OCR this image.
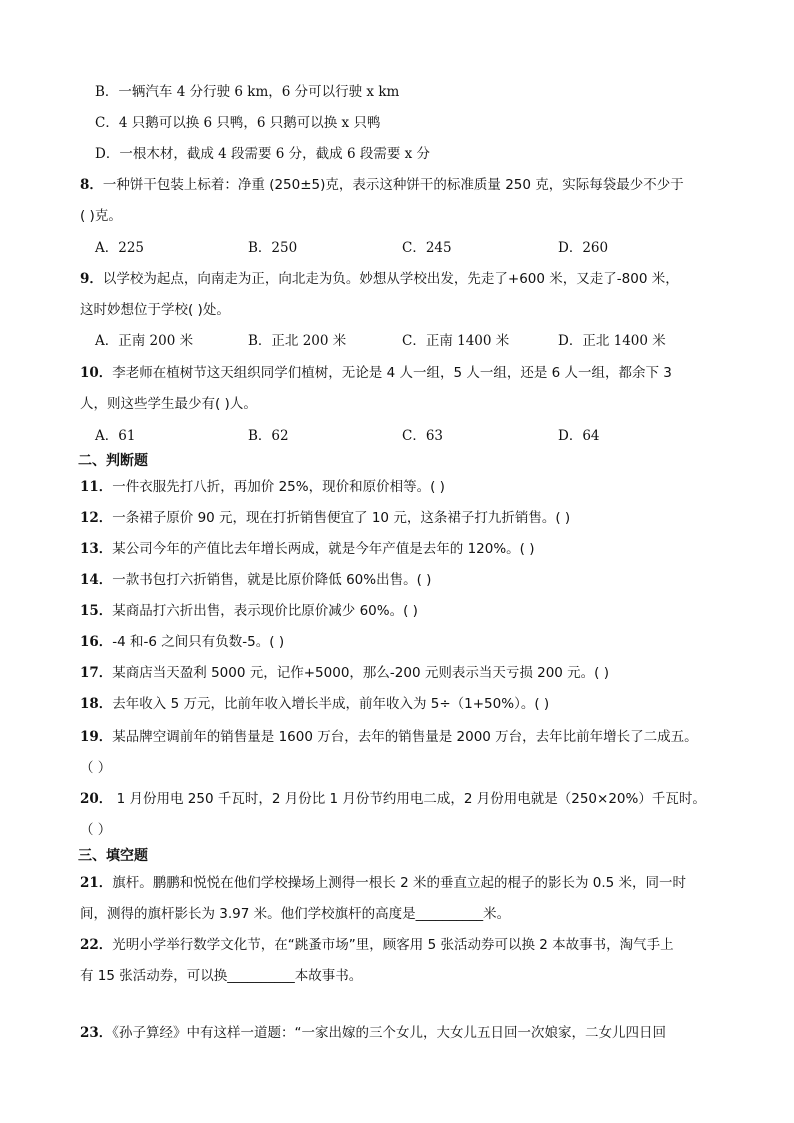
B．一辆汽车 4 分行驶 6 km，6 分可以行驶 x km
C．4 只鹅可以换 6 只鸭，6 只鹅可以换 x 只鸭
D．一根木材，截成 4 段需要 6 分，截成 6 段需要 x 分
8．一种饼干包装上标着：净重 (250±5)克，表示这种饼干的标准质量 250 克，实际每袋最少不少于
( )克。
A．225	B．250	C．245	D．260
9．以学校为起点，向南走为正，向北走为负。妙想从学校出发，先走了+600 米，又走了-800 米，
这时妙想位于学校( )处。
A．正南 200 米	B．正北 200 米	C．正南 1400 米	D．正北 1400 米
10．李老师在植树节这天组织同学们植树，无论是 4 人一组，5 人一组，还是 6 人一组，都余下 3
人，则这些学生最少有( )人。
A．61	B．62	C．63	D．64
二、判断题
11．一件衣服先打八折，再加价 25%，现价和原价相等。( )
12．一条裙子原价 90 元，现在打折销售便宜了 10 元，这条裙子打九折销售。( )
13．某公司今年的产值比去年增长两成，就是今年产值是去年的 120%。( )
14．一款书包打六折销售，就是比原价降低 60%出售。( )
15．某商品打六折出售，表示现价比原价减少 60%。( )
16．-4 和-6 之间只有负数-5。( )
17．某商店当天盈利 5000 元，记作+5000，那么-200 元则表示当天亏损 200 元。( )
18．去年收入 5 万元，比前年收入增长半成，前年收入为 5÷（1+50%）。( )
19．某品牌空调前年的销售量是 1600 万台，去年的销售量是 2000 万台，去年比前年增长了二成五。
（ ）
20． 1 月份用电 250 千瓦时，2 月份比 1 月份节约用电二成，2 月份用电就是（250×20%）千瓦时。
（ ）
三、填空题
21．旗杆。鹏鹏和悦悦在他们学校操场上测得一根长 2 米的垂直立起的棍子的影长为 0.5 米，同一时
间，测得的旗杆影长为 3.97 米。他们学校旗杆的高度是__________米。
22．光明小学举行数学文化节，在“跳蚤市场”里，顾客用 5 张活动券可以换 2 本故事书，淘气手上
有 15 张活动券，可以换__________本故事书。
23．《孙子算经》中有这样一道题：“一家出嫁的三个女儿，大女儿五日回一次娘家，二女儿四日回
